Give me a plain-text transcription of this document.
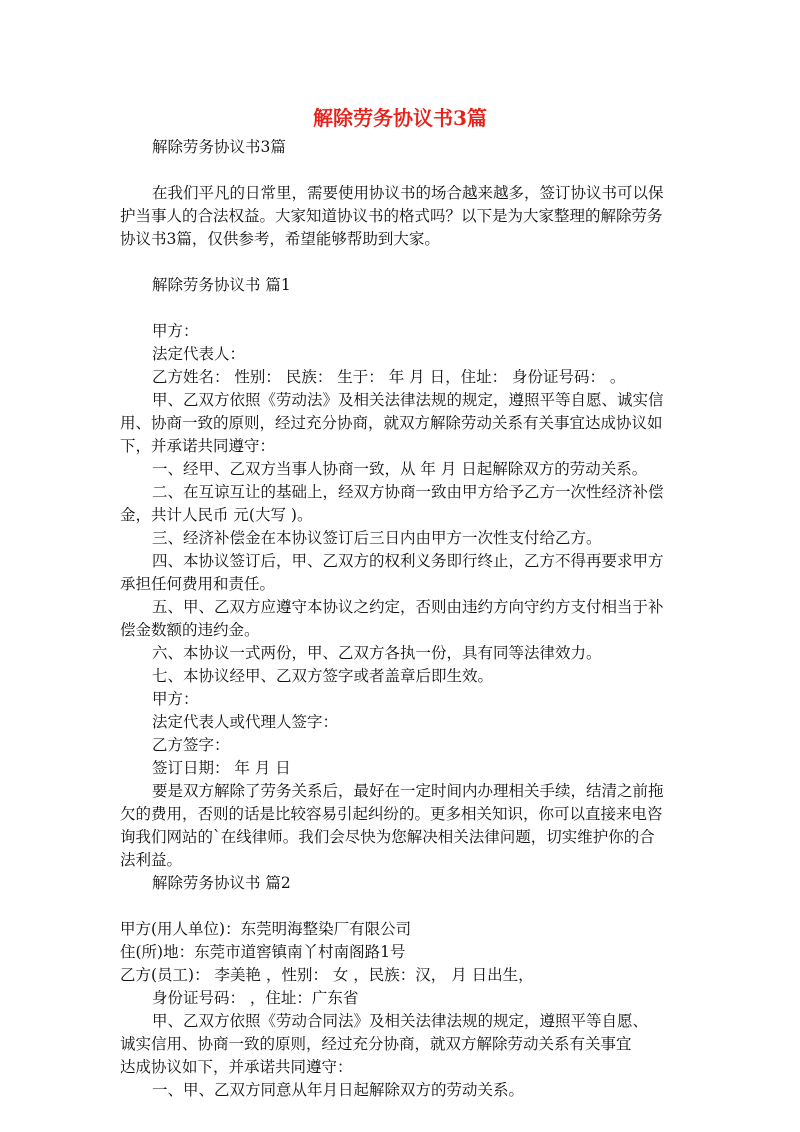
解除劳务协议书3篇

解除劳务协议书3篇

在我们平凡的日常里，需要使用协议书的场合越来越多，签订协议书可以保

护当事人的合法权益。大家知道协议书的格式吗？以下是为大家整理的解除劳务

协议书3篇，仅供参考，希望能够帮助到大家。

解除劳务协议书 篇1

甲方：

法定代表人：

乙方姓名： 性别： 民族： 生于： 年 月 日，住址： 身份证号码： 。

甲、乙双方依照《劳动法》及相关法律法规的规定，遵照平等自愿、诚实信

用、协商一致的原则，经过充分协商，就双方解除劳动关系有关事宜达成协议如

下，并承诺共同遵守：

一、经甲、乙双方当事人协商一致，从 年 月 日起解除双方的劳动关系。

二、在互谅互让的基础上，经双方协商一致由甲方给予乙方一次性经济补偿

金，共计人民币 元(大写 )。

三、经济补偿金在本协议签订后三日内由甲方一次性支付给乙方。

四、本协议签订后，甲、乙双方的权利义务即行终止，乙方不得再要求甲方

承担任何费用和责任。

五、甲、乙双方应遵守本协议之约定，否则由违约方向守约方支付相当于补

偿金数额的违约金。

六、本协议一式两份，甲、乙双方各执一份，具有同等法律效力。

七、本协议经甲、乙双方签字或者盖章后即生效。

甲方：

法定代表人或代理人签字：

乙方签字：

签订日期： 年 月 日

要是双方解除了劳务关系后，最好在一定时间内办理相关手续，结清之前拖

欠的费用，否则的话是比较容易引起纠纷的。更多相关知识，你可以直接来电咨

询我们网站的`在线律师。我们会尽快为您解决相关法律问题，切实维护你的合

法利益。

解除劳务协议书 篇2

甲方(用人单位)：东莞明海整染厂有限公司

住(所)地：东莞市道窖镇南丫村南阁路1号

乙方(员工)： 李美艳 ，性别： 女 ，民族：汉， 月 日出生，

身份证号码： ，住址：广东省

甲、乙双方依照《劳动合同法》及相关法律法规的规定，遵照平等自愿、

诚实信用、协商一致的原则，经过充分协商，就双方解除劳动关系有关事宜

达成协议如下，并承诺共同遵守：

一、甲、乙双方同意从年月日起解除双方的劳动关系。
